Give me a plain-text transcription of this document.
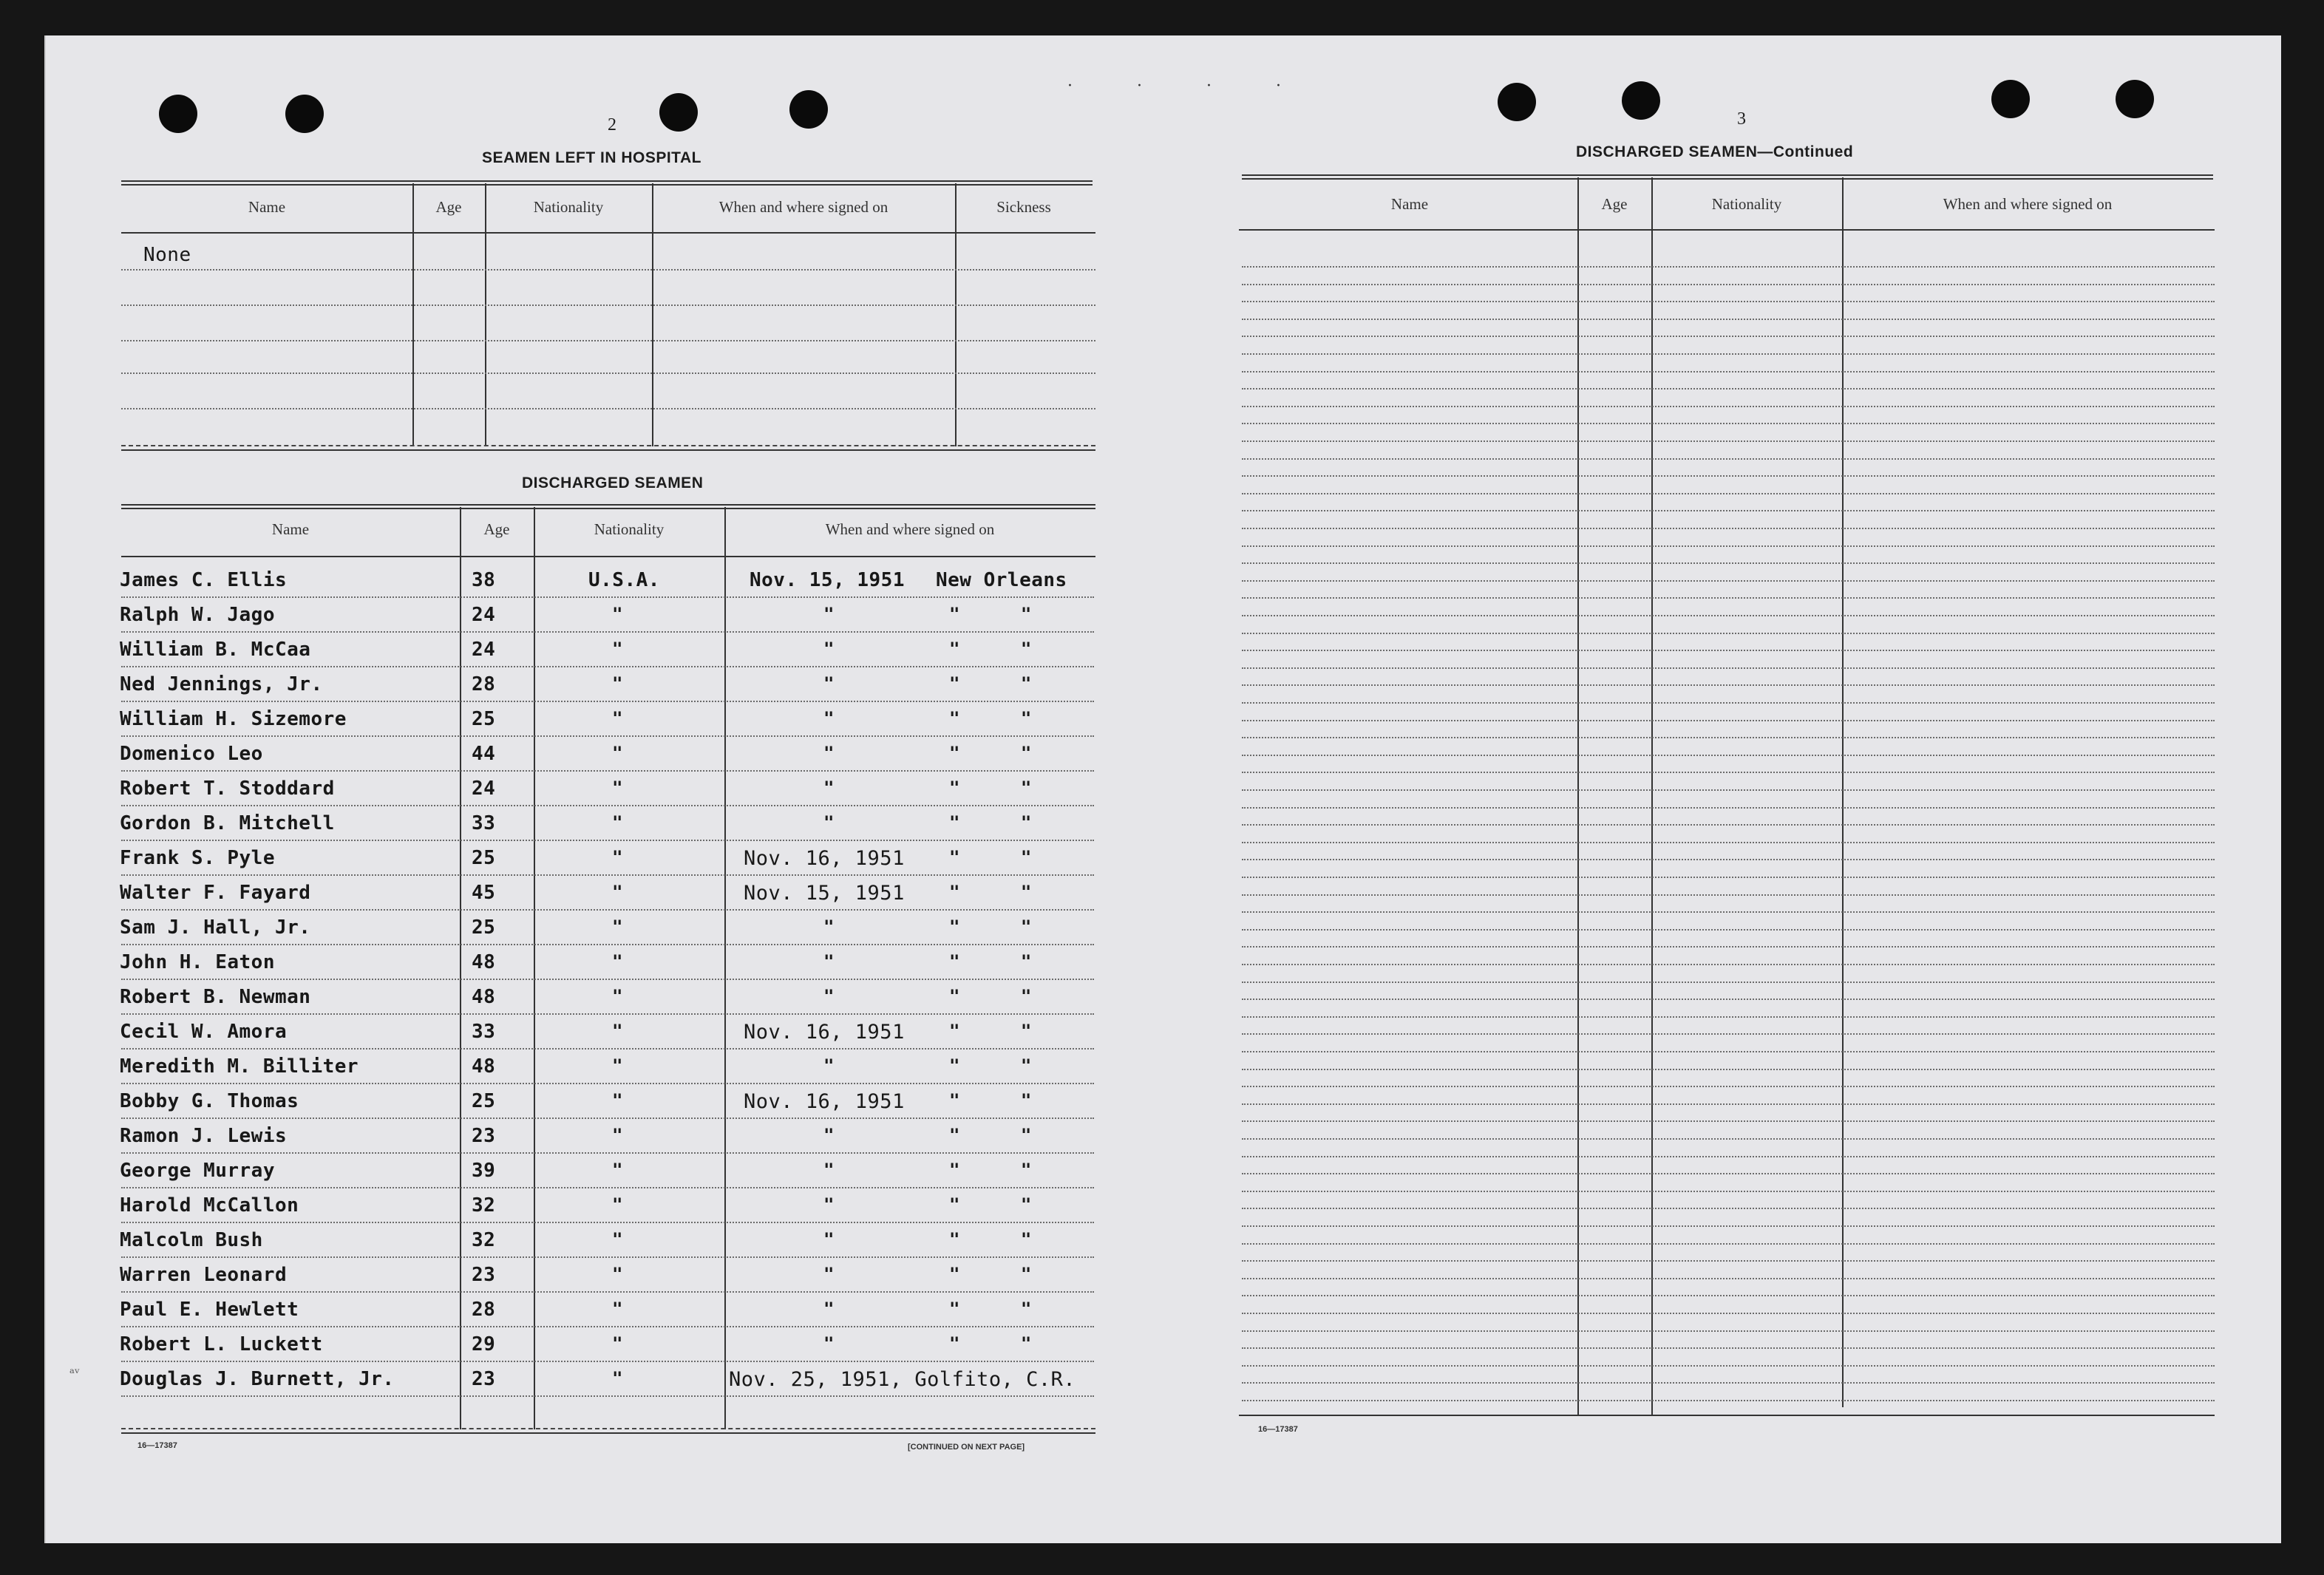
2
SEAMEN LEFT IN HOSPITAL
Name	Age	Nationality	When and where signed on	Sickness
None
DISCHARGED SEAMEN
Name	Age	Nationality	When and where signed on
James C. Ellis	38	U.S.A.	Nov. 15, 1951 New Orleans
Ralph W. Jago	24	"	"	" "
William B. McCaa	24	"	"	" "
Ned Jennings, Jr.	28	"	"	" "
William H. Sizemore	25	"	"	" "
Domenico Leo	44	"	"	" "
Robert T. Stoddard	24	"	"	" "
Gordon B. Mitchell	33	"	"	" "
Frank S. Pyle	25	"	Nov. 16, 1951	" "
Walter F. Fayard	45	"	Nov. 15, 1951	" "
Sam J. Hall, Jr.	25	"	"	" "
John H. Eaton	48	"	"	" "
Robert B. Newman	48	"	"	" "
Cecil W. Amora	33	"	Nov. 16, 1951	" "
Meredith M. Billiter	48	"	"	" "
Bobby G. Thomas	25	"	Nov. 16, 1951	" "
Ramon J. Lewis	23	"	"	" "
George Murray	39	"	"	" "
Harold McCallon	32	"	"	" "
Malcolm Bush	32	"	"	" "
Warren Leonard	23	"	"	" "
Paul E. Hewlett	28	"	"	" "
Robert L. Luckett	29	"	"	" "
Douglas J. Burnett, Jr.	23	"	Nov. 25, 1951, Golfito, C.R.
ᵃᵛ
16—17387	[CONTINUED ON NEXT PAGE]
3
DISCHARGED SEAMEN—Continued
Name	Age	Nationality	When and where signed on
16—17387
· · · ·
